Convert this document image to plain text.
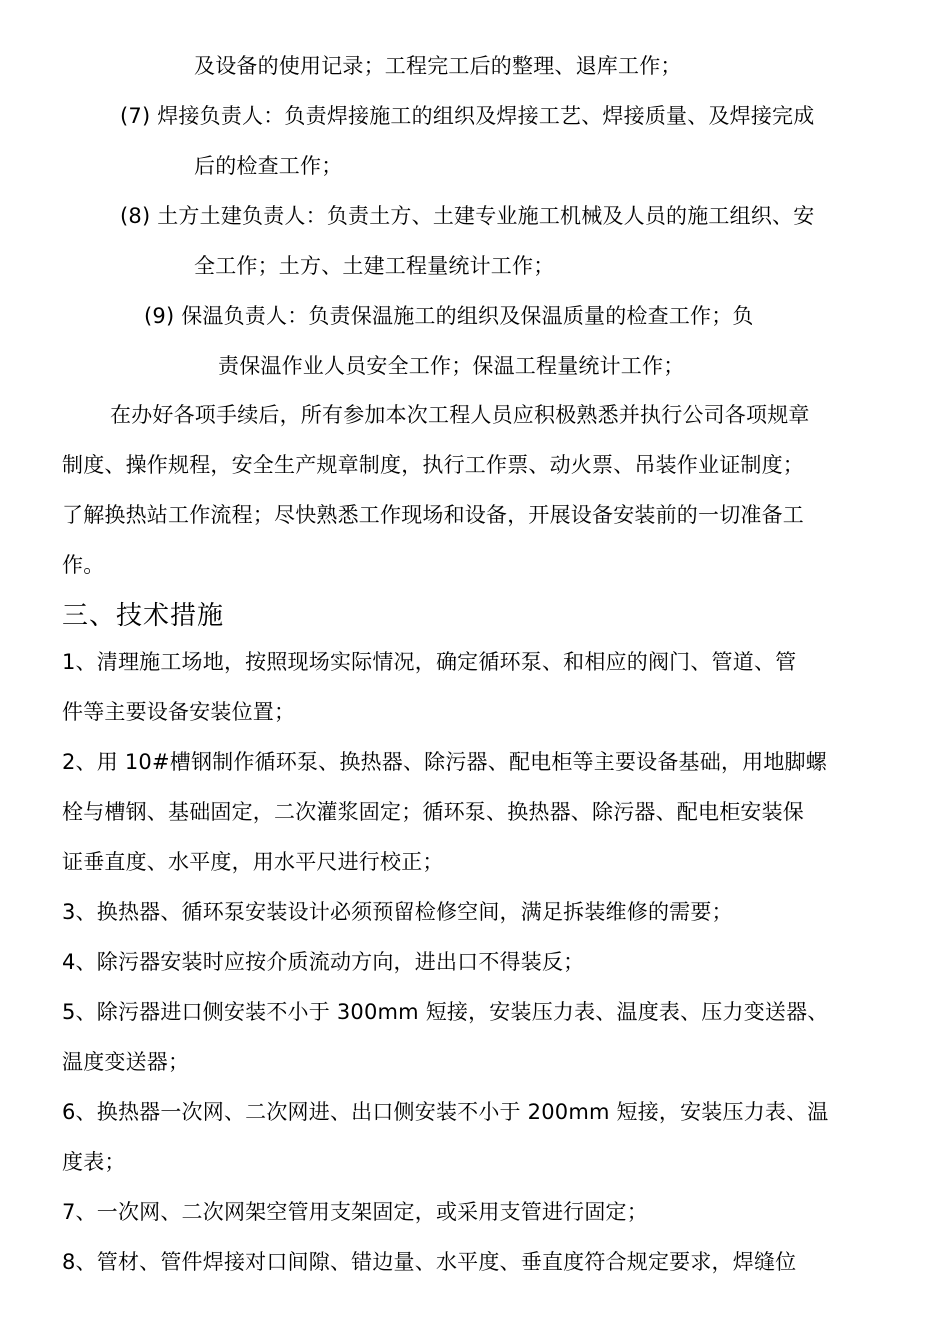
及设备的使用记录；工程完工后的整理、退库工作；
(7) 焊接负责人：负责焊接施工的组织及焊接工艺、焊接质量、及焊接完成
后的检查工作；
(8) 土方土建负责人：负责土方、土建专业施工机械及人员的施工组织、安
全工作；土方、土建工程量统计工作；
(9) 保温负责人：负责保温施工的组织及保温质量的检查工作；负
责保温作业人员安全工作；保温工程量统计工作；
在办好各项手续后，所有参加本次工程人员应积极熟悉并执行公司各项规章
制度、操作规程，安全生产规章制度，执行工作票、动火票、吊装作业证制度；
了解换热站工作流程；尽快熟悉工作现场和设备，开展设备安装前的一切准备工
作。
三、技术措施
1、清理施工场地，按照现场实际情况，确定循环泵、和相应的阀门、管道、管
件等主要设备安装位置；
2、用 10#槽钢制作循环泵、换热器、除污器、配电柜等主要设备基础，用地脚螺
栓与槽钢、基础固定，二次灌浆固定；循环泵、换热器、除污器、配电柜安装保
证垂直度、水平度，用水平尺进行校正；
3、换热器、循环泵安装设计必须预留检修空间，满足拆装维修的需要；
4、除污器安装时应按介质流动方向，进出口不得装反；
5、除污器进口侧安装不小于 300mm 短接，安装压力表、温度表、压力变送器、
温度变送器；
6、换热器一次网、二次网进、出口侧安装不小于 200mm 短接，安装压力表、温
度表；
7、一次网、二次网架空管用支架固定，或采用支管进行固定；
8、管材、管件焊接对口间隙、错边量、水平度、垂直度符合规定要求，焊缝位
